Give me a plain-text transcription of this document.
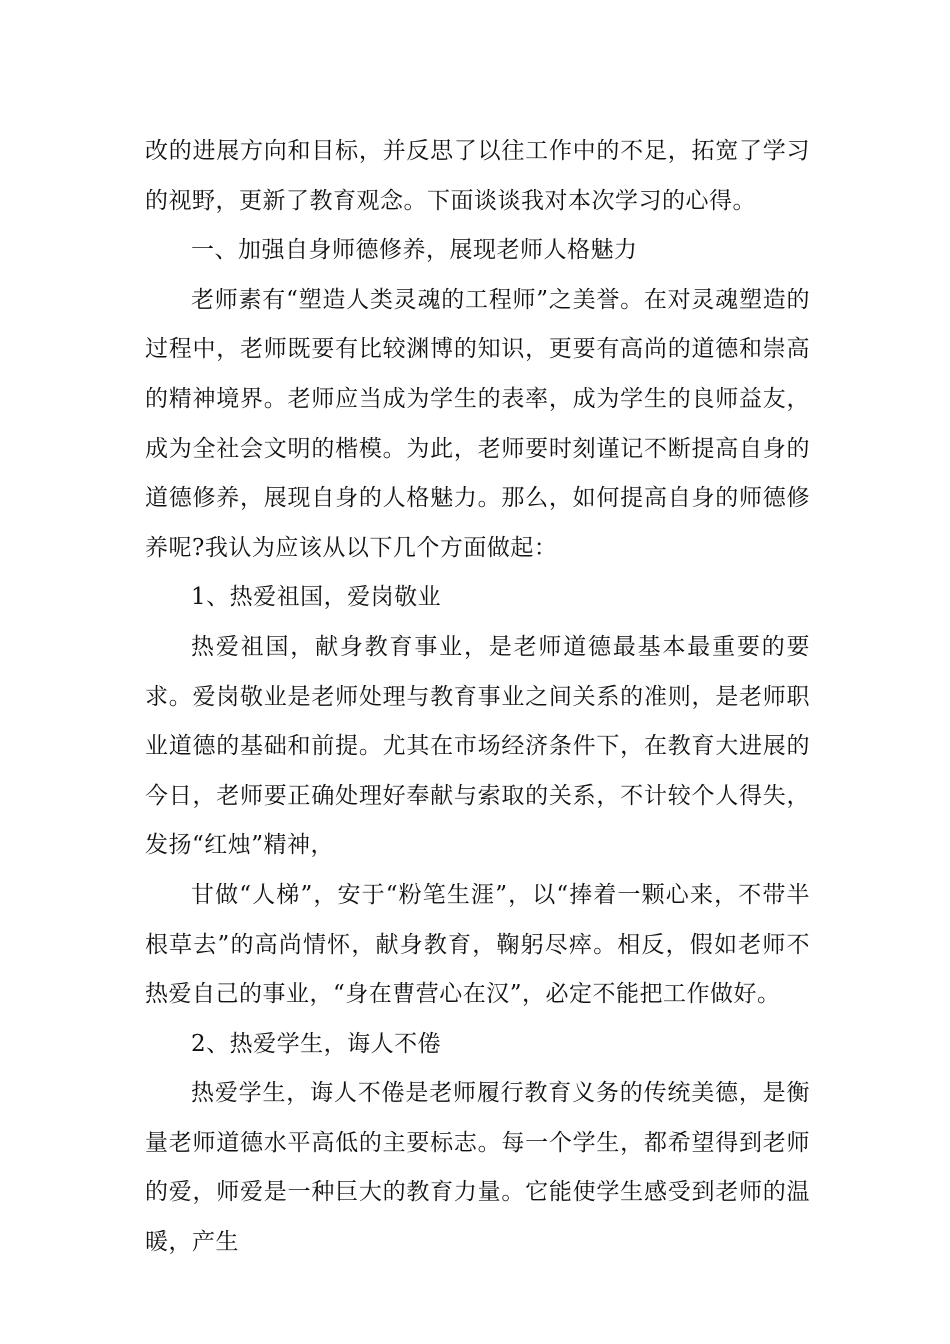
改的进展方向和目标，并反思了以往工作中的不足，拓宽了学习的视野，更新了教育观念。下面谈谈我对本次学习的心得。

一、加强自身师德修养，展现老师人格魅力

老师素有“塑造人类灵魂的工程师”之美誉。在对灵魂塑造的过程中，老师既要有比较渊博的知识，更要有高尚的道德和崇高的精神境界。老师应当成为学生的表率，成为学生的良师益友，成为全社会文明的楷模。为此，老师要时刻谨记不断提高自身的道德修养，展现自身的人格魅力。那么，如何提高自身的师德修养呢?我认为应该从以下几个方面做起：

1、热爱祖国，爱岗敬业

热爱祖国，献身教育事业，是老师道德最基本最重要的要求。爱岗敬业是老师处理与教育事业之间关系的准则，是老师职业道德的基础和前提。尤其在市场经济条件下，在教育大进展的今日，老师要正确处理好奉献与索取的关系，不计较个人得失，发扬“红烛”精神，

甘做“人梯”，安于“粉笔生涯”，以“捧着一颗心来，不带半根草去”的高尚情怀，献身教育，鞠躬尽瘁。相反，假如老师不热爱自己的事业，“身在曹营心在汉”，必定不能把工作做好。

2、热爱学生，诲人不倦

热爱学生，诲人不倦是老师履行教育义务的传统美德，是衡量老师道德水平高低的主要标志。每一个学生，都希望得到老师的爱，师爱是一种巨大的教育力量。它能使学生感受到老师的温暖，产生
